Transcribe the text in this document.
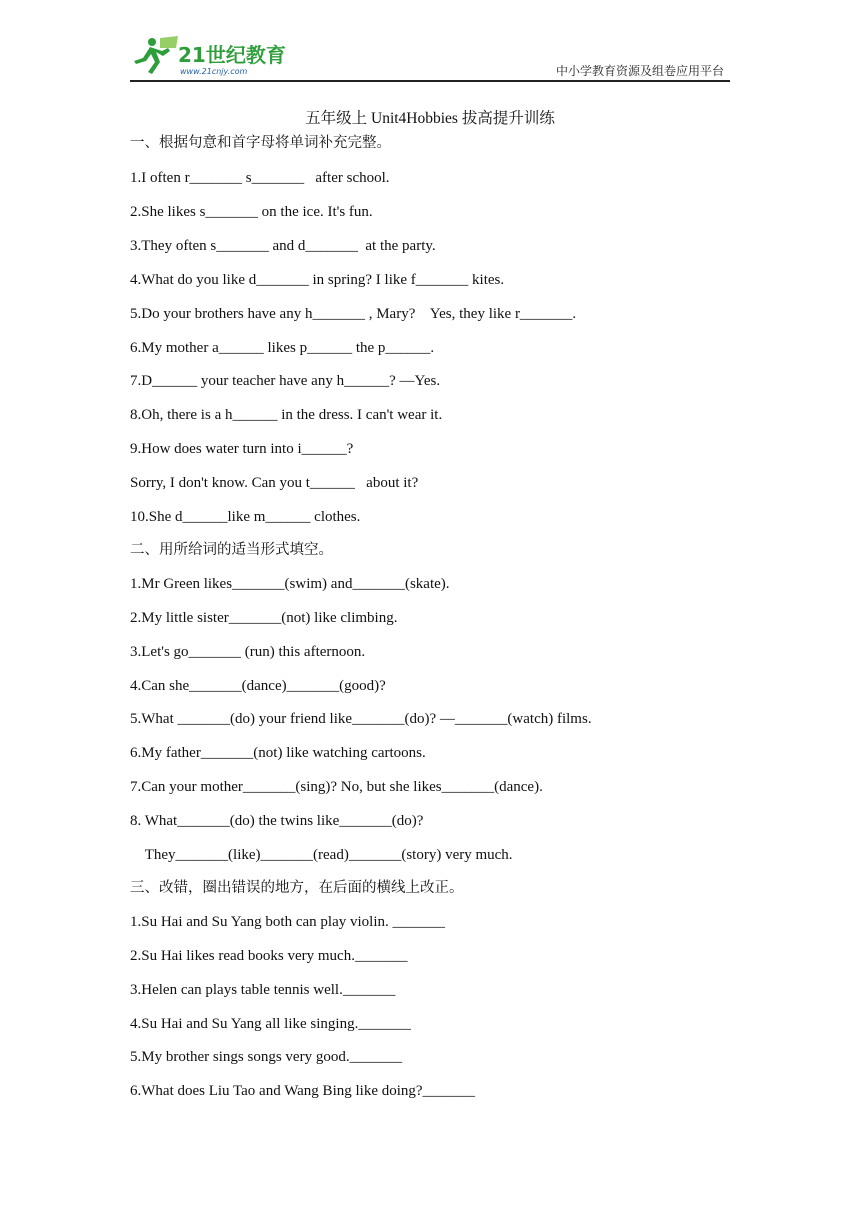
21世纪教育
www.21cnjy.com	中小学教育资源及组卷应用平台
五年级上 Unit4Hobbies 拔高提升训练
一、根据句意和首字母将单词补充完整。
1.I often r_______ s_______   after school.
2.She likes s_______ on the ice. It's fun.
3.They often s_______ and d_______  at the party.
4.What do you like d_______ in spring? I like f_______ kites.
5.Do your brothers have any h_______ , Mary?    Yes, they like r_______.
6.My mother a______ likes p______ the p______.
7.D______ your teacher have any h______? —Yes.
8.Oh, there is a h______ in the dress. I can't wear it.
9.How does water turn into i______?
Sorry, I don't know. Can you t______   about it?
10.She d______like m______ clothes.
二、用所给词的适当形式填空。
1.Mr Green likes_______(swim) and_______(skate).
2.My little sister_______(not) like climbing.
3.Let's go_______ (run) this afternoon.
4.Can she_______(dance)_______(good)?
5.What _______(do) your friend like_______(do)? —_______(watch) films.
6.My father_______(not) like watching cartoons.
7.Can your mother_______(sing)? No, but she likes_______(dance).
8. What_______(do) the twins like_______(do)?
They_______(like)_______(read)_______(story) very much.
三、改错，圈出错误的地方，在后面的横线上改正。
1.Su Hai and Su Yang both can play violin. _______
2.Su Hai likes read books very much._______
3.Helen can plays table tennis well._______
4.Su Hai and Su Yang all like singing._______
5.My brother sings songs very good._______
6.What does Liu Tao and Wang Bing like doing?_______
